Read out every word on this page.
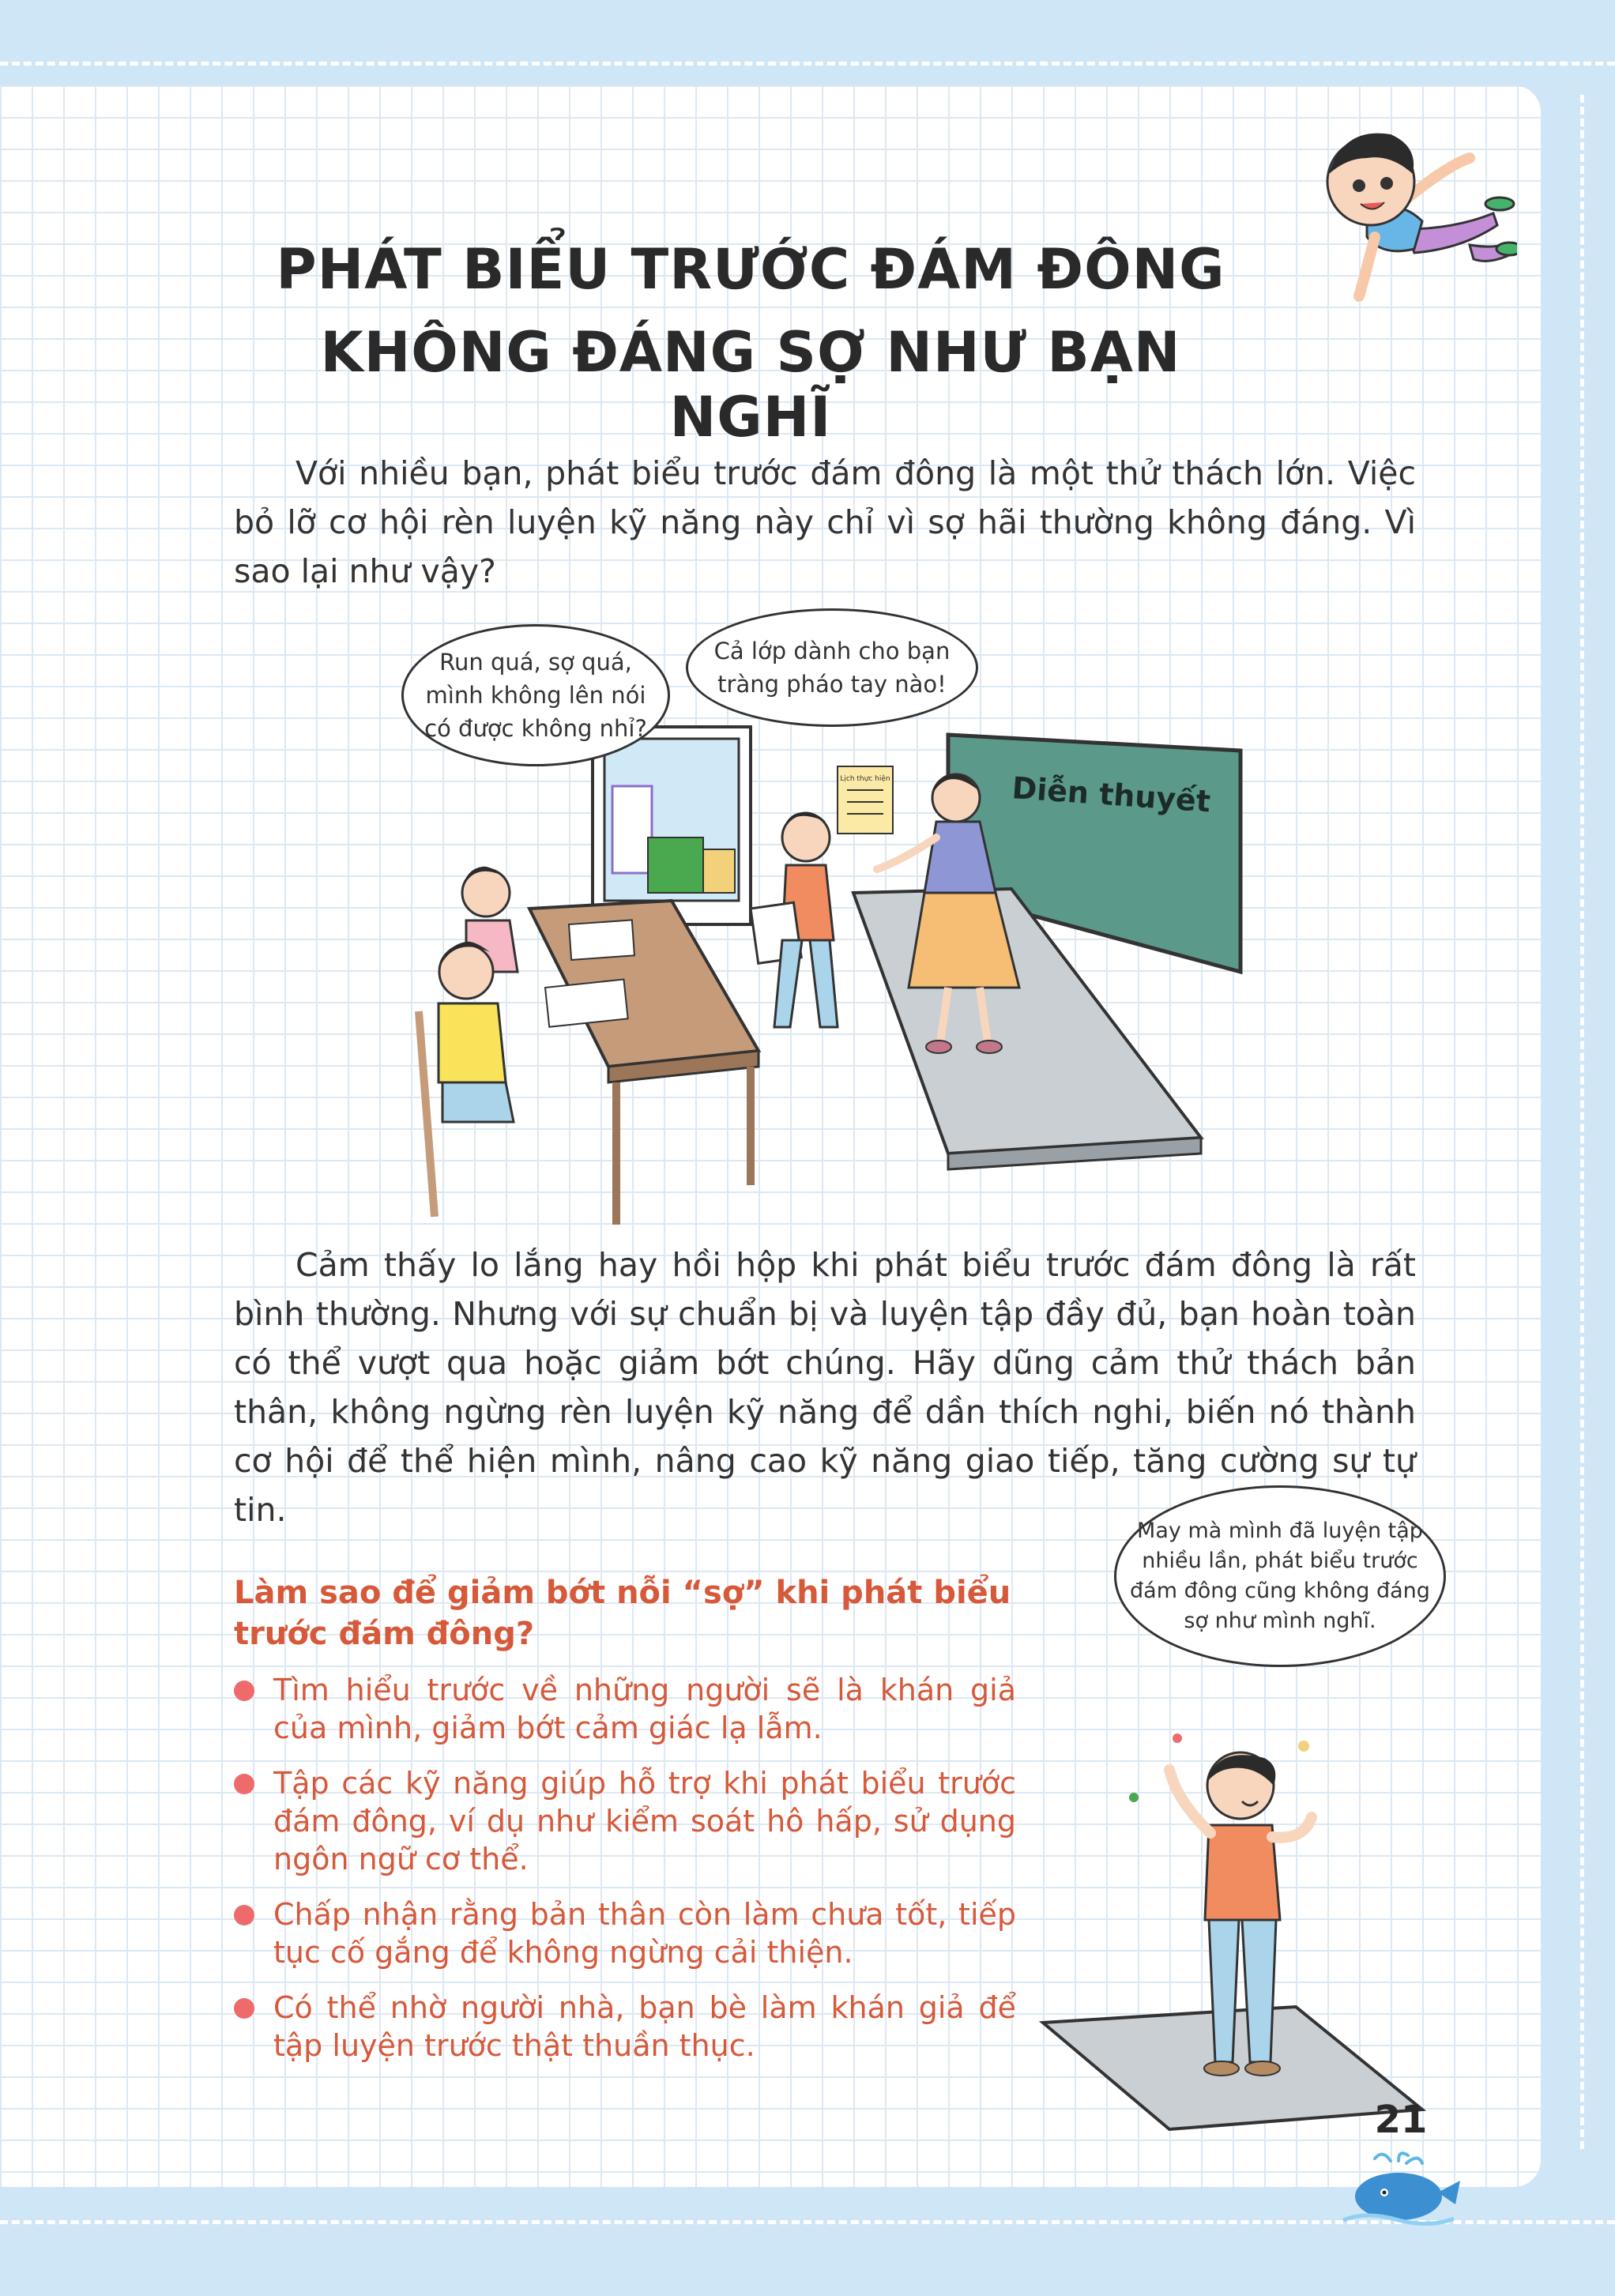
PHÁT BIỂU TRƯỚC ĐÁM ĐÔNG
KHÔNG ĐÁNG SỢ NHƯ BẠN NGHĨ

Với nhiều bạn, phát biểu trước đám đông là một thử thách lớn. Việc bỏ lỡ cơ hội rèn luyện kỹ năng này chỉ vì sợ hãi thường không đáng. Vì sao lại như vậy?

Lịch thực hiện	Diễn thuyết
Run quá, sợ quá, mình không lên nói có được không nhỉ?
Cả lớp dành cho bạn tràng pháo tay nào!

Cảm thấy lo lắng hay hồi hộp khi phát biểu trước đám đông là rất bình thường. Nhưng với sự chuẩn bị và luyện tập đầy đủ, bạn hoàn toàn có thể vượt qua hoặc giảm bớt chúng. Hãy dũng cảm thử thách bản thân, không ngừng rèn luyện kỹ năng để dần thích nghi, biến nó thành cơ hội để thể hiện mình, nâng cao kỹ năng giao tiếp, tăng cường sự tự tin.

Làm sao để giảm bớt nỗi “sợ” khi phát biểu trước đám đông?
Tìm hiểu trước về những người sẽ là khán giả của mình, giảm bớt cảm giác lạ lẫm.
Tập các kỹ năng giúp hỗ trợ khi phát biểu trước đám đông, ví dụ như kiểm soát hô hấp, sử dụng ngôn ngữ cơ thể.
Chấp nhận rằng bản thân còn làm chưa tốt, tiếp tục cố gắng để không ngừng cải thiện.
Có thể nhờ người nhà, bạn bè làm khán giả để tập luyện trước thật thuần thục.
May mà mình đã luyện tập nhiều lần, phát biểu trước đám đông cũng không đáng sợ như mình nghĩ.
21
